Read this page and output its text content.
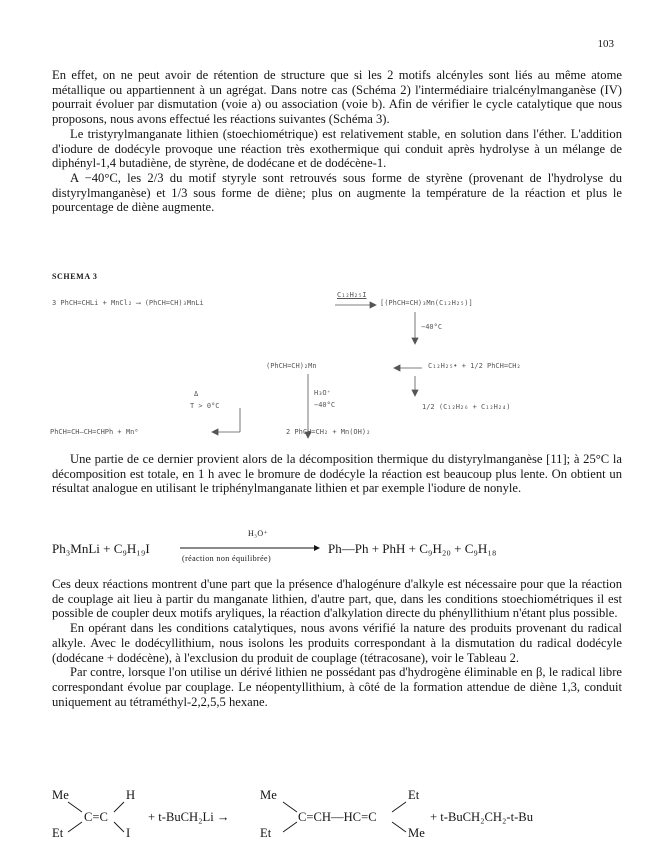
103

En effet, on ne peut avoir de rétention de structure que si les 2 motifs alcényles sont liés au même atome métallique ou appartiennent à un agrégat. Dans notre cas (Schéma 2) l'intermédiaire trialcénylmanganèse (IV) pourrait évoluer par dismutation (voie a) ou association (voie b). Afin de vérifier le cycle catalytique que nous proposons, nous avons effectué les réactions suivantes (Schéma 3).

Le tristyrylmanganate lithien (stoechiométrique) est relativement stable, en solution dans l'éther. L'addition d'iodure de dodécyle provoque une réaction très exothermique qui conduit après hydrolyse à un mélange de diphényl-1,4 butadiène, de styrène, de dodécane et de dodécène-1.

A −40°C, les 2/3 du motif styryle sont retrouvés sous forme de styrène (provenant de l'hydrolyse du distyrylmanganèse) et 1/3 sous forme de diène; plus on augmente la température de la réaction et plus le pourcentage de diène augmente.

SCHEMA 3
3 PhCH=CHLi + MnCl₂ ⟶ (PhCH=CH)₃MnLi
C₁₂H₂₅I
[(PhCH=CH)₃Mn(C₁₂H₂₅)]
−40°C
(PhCH=CH)₂Mn	C₁₂H₂₅• + 1/2 PhCH=CH₂
Δ
T > 0°C
H₃O⁺
−40°C	1/2 (C₁₂H₂₆ + C₁₂H₂₄)
PhCH=CH—CH=CHPh + Mn⁰	2 PhCH=CH₂ + Mn(OH)₂

Une partie de ce dernier provient alors de la décomposition thermique du distyrylmanganèse [11]; à 25°C la décomposition est totale, en 1 h avec le bromure de dodécyle la réaction est beaucoup plus lente. On obtient un résultat analogue en utilisant le triphénylmanganate lithien et par exemple l'iodure de nonyle.

Ph₃MnLi + C₉H₁₉I
H₃O⁺
(réaction non équilibrée)
Ph—Ph + PhH + C₉H₂₀ + C₉H₁₈

Ces deux réactions montrent d'une part que la présence d'halogénure d'alkyle est nécessaire pour que la réaction de couplage ait lieu à partir du manganate lithien, d'autre part, que, dans les conditions stoechiométriques il est possible de coupler deux motifs aryliques, la réaction d'alkylation directe du phényllithium n'étant plus possible.

En opérant dans les conditions catalytiques, nous avons vérifié la nature des produits provenant du radical alkyle. Avec le dodécyllithium, nous isolons les produits correspondant à la dismutation du radical dodécyle (dodécane + dodécène), à l'exclusion du produit de couplage (tétracosane), voir le Tableau 2.

Par contre, lorsque l'on utilise un dérivé lithien ne possédant pas d'hydrogène éliminable en β, le radical libre correspondant évolue par couplage. Le néopentyllithium, à côté de la formation attendue de diène 1,3, conduit uniquement au tétraméthyl-2,2,5,5 hexane.

Me	H
C=C
Et	I
+ t-BuCH₂Li →
Me
C=CH—HC=C
Et
Et
Me
+ t-BuCH₂CH₂-t-Bu
